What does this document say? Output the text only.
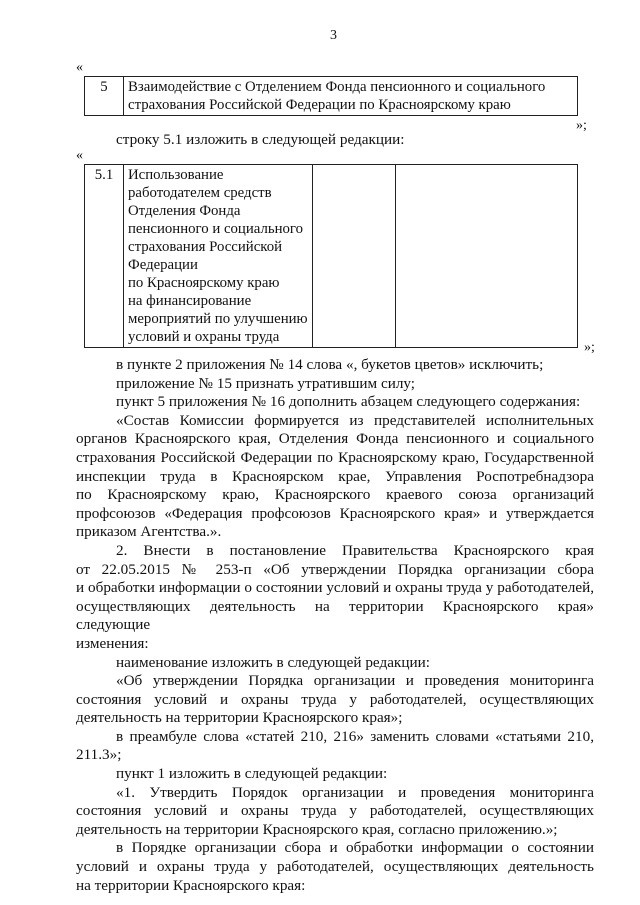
3
«
5	Взаимодействие с Отделением Фонда пенсионного и социального
страхования Российской Федерации по Красноярскому краю
»;
строку 5.1 изложить в следующей редакции:
«
5.1	Использование
работодателем средств
Отделения Фонда
пенсионного и социального
страхования Российской
Федерации
по Красноярскому краю
на финансирование
мероприятий по улучшению
условий и охраны труда

»;
в пункте 2 приложения № 14 слова «, букетов цветов» исключить;
приложение № 15 признать утратившим силу;
пункт 5 приложения № 16 дополнить абзацем следующего содержания:
«Состав Комиссии формируется из представителей исполнительных
органов Красноярского края, Отделения Фонда пенсионного и социального
страхования Российской Федерации по Красноярскому краю, Государственной
инспекции труда в Красноярском крае, Управления Роспотребнадзора
по Красноярскому краю, Красноярского краевого союза организаций
профсоюзов «Федерация профсоюзов Красноярского края» и утверждается
приказом Агентства.».
2. Внести в постановление Правительства Красноярского края
от 22.05.2015 № 253-п «Об утверждении Порядка организации сбора
и обработки информации о состоянии условий и охраны труда у работодателей,
осуществляющих деятельность на территории Красноярского края» следующие
изменения:
наименование изложить в следующей редакции:
«Об утверждении Порядка организации и проведения мониторинга
состояния условий и охраны труда у работодателей, осуществляющих
деятельность на территории Красноярского края»;
в преамбуле слова «статей 210, 216» заменить словами «статьями 210,
211.3»;
пункт 1 изложить в следующей редакции:
«1. Утвердить Порядок организации и проведения мониторинга
состояния условий и охраны труда у работодателей, осуществляющих
деятельность на территории Красноярского края, согласно приложению.»;
в Порядке организации сбора и обработки информации о состоянии
условий и охраны труда у работодателей, осуществляющих деятельность
на территории Красноярского края:
